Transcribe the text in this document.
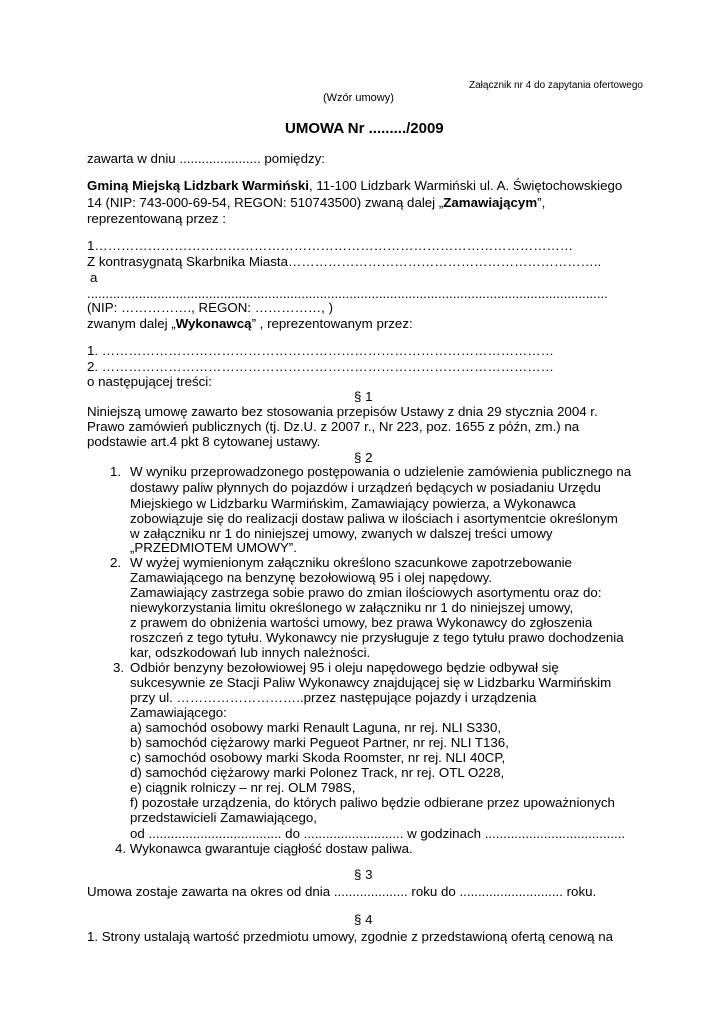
Załącznik nr 4 do zapytania ofertowego
(Wzór umowy)
UMOWA Nr ........./2009
zawarta w dniu ...................... pomiędzy:
Gminą Miejską Lidzbark Warmiński, 11-100 Lidzbark Warmiński ul. A. Świętochowskiego
14 (NIP: 743-000-69-54, REGON: 510743500) zwaną dalej „Zamawiającym”,
reprezentowaną przez :
1………………………………………………………………………………………………
Z kontrasygnatą Skarbnika Miasta……………………………………………………………..
a
.............................................................................................................................................
(NIP: ……………., REGON: ……………, )
zwanym dalej „Wykonawcą” , reprezentowanym przez:
1. …………………………………………………………………………………………
2. …………………………………………………………………………………………
o następującej treści:
§ 1
Niniejszą umowę zawarto bez stosowania przepisów Ustawy z dnia 29 stycznia 2004 r.
Prawo zamówień publicznych (tj. Dz.U. z 2007 r., Nr 223, poz. 1655 z późn, zm.) na
podstawie art.4 pkt 8 cytowanej ustawy.
§ 2
1. W wyniku przeprowadzonego postępowania o udzielenie zamówienia publicznego na
dostawy paliw płynnych do pojazdów i urządzeń będących w posiadaniu Urzędu
Miejskiego w Lidzbarku Warmińskim, Zamawiający powierza, a Wykonawca
zobowiązuje się do realizacji dostaw paliwa w ilościach i asortymentcie określonym
w załączniku nr 1 do niniejszej umowy, zwanych w dalszej treści umowy
„PRZEDMIOTEM UMOWY”.
2. W wyżej wymienionym załączniku określono szacunkowe zapotrzebowanie
Zamawiającego na benzynę bezołowiową 95 i olej napędowy.
Zamawiający zastrzega sobie prawo do zmian ilościowych asortymentu oraz do:
niewykorzystania limitu określonego w załączniku nr 1 do niniejszej umowy,
z prawem do obniżenia wartości umowy, bez prawa Wykonawcy do zgłoszenia
roszczeń z tego tytułu. Wykonawcy nie przysługuje z tego tytułu prawo dochodzenia
kar, odszkodowań lub innych należności.
3. Odbiór benzyny bezołowiowej 95 i oleju napędowego będzie odbywał się
sukcesywnie ze Stacji Paliw Wykonawcy znajdującej się w Lidzbarku Warmińskim
przy ul. ………………………..przez następujące pojazdy i urządzenia
Zamawiającego:
a) samochód osobowy marki Renault Laguna, nr rej. NLI S330,
b) samochód ciężarowy marki Pegueot Partner, nr rej. NLI T136,
c) samochód osobowy marki Skoda Roomster, nr rej. NLI 40CP,
d) samochód ciężarowy marki Polonez Track, nr rej. OTL O228,
e) ciągnik rolniczy – nr rej. OLM 798S,
f) pozostałe urządzenia, do których paliwo będzie odbierane przez upoważnionych
przedstawicieli Zamawiającego,
od .................................... do ........................... w godzinach ......................................
4. Wykonawca gwarantuje ciągłość dostaw paliwa.
§ 3
Umowa zostaje zawarta na okres od dnia .................... roku do ............................ roku.
§ 4
1. Strony ustalają wartość przedmiotu umowy, zgodnie z przedstawioną ofertą cenową na
